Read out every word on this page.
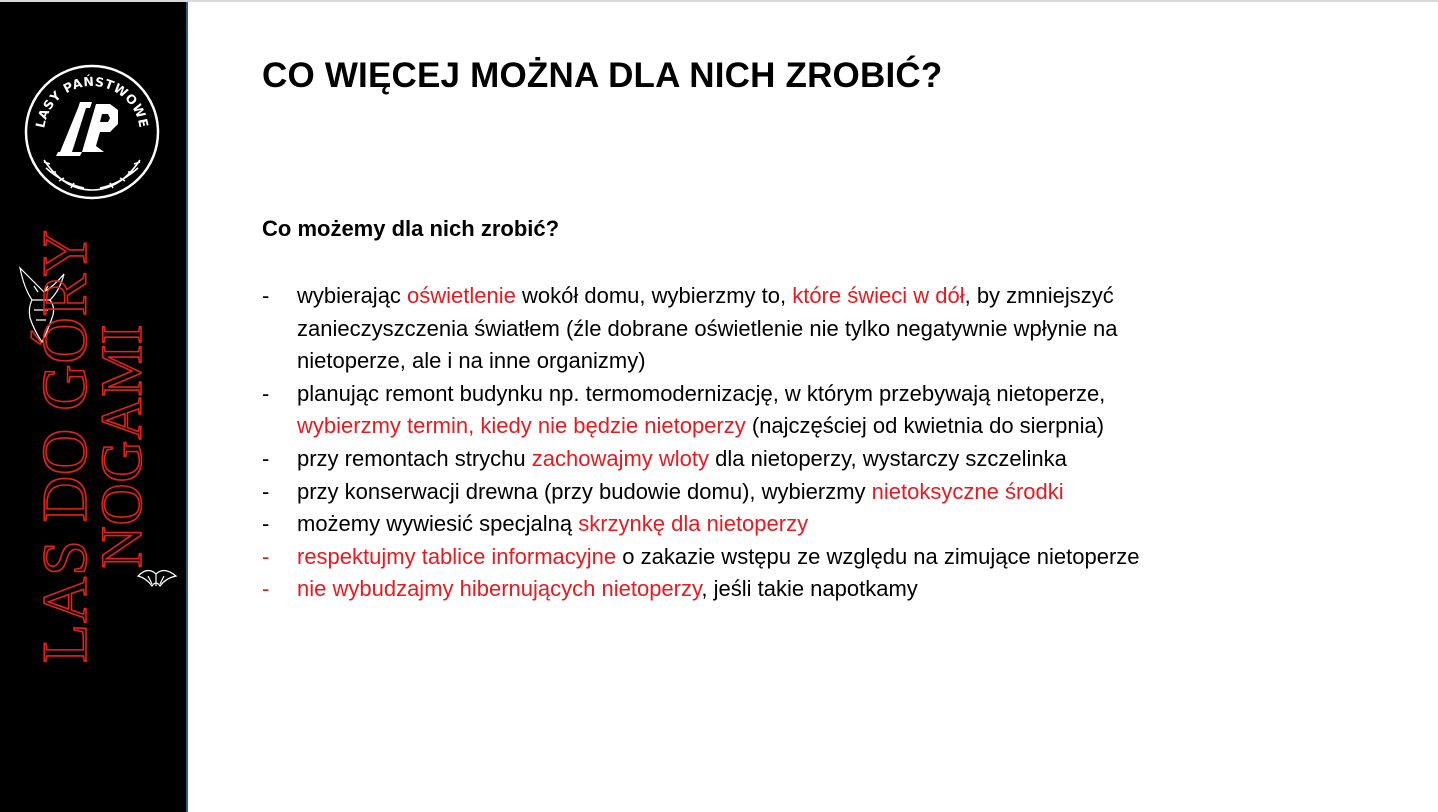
LASY PAŃSTWOWE
LAS DO GÓRY
NOGAMI
CO WIĘCEJ MOŻNA DLA NICH ZROBIĆ?

Co możemy dla nich zrobić?

- wybierając oświetlenie wokół domu, wybierzmy to, które świeci w dół, by zmniejszyć
zanieczyszczenia światłem (źle dobrane oświetlenie nie tylko negatywnie wpłynie na
nietoperze, ale i na inne organizmy)
- planując remont budynku np. termomodernizację, w którym przebywają nietoperze,
wybierzmy termin, kiedy nie będzie nietoperzy (najczęściej od kwietnia do sierpnia)
- przy remontach strychu zachowajmy wloty dla nietoperzy, wystarczy szczelinka
- przy konserwacji drewna (przy budowie domu), wybierzmy nietoksyczne środki
- możemy wywiesić specjalną skrzynkę dla nietoperzy
- respektujmy tablice informacyjne o zakazie wstępu ze względu na zimujące nietoperze
- nie wybudzajmy hibernujących nietoperzy, jeśli takie napotkamy
